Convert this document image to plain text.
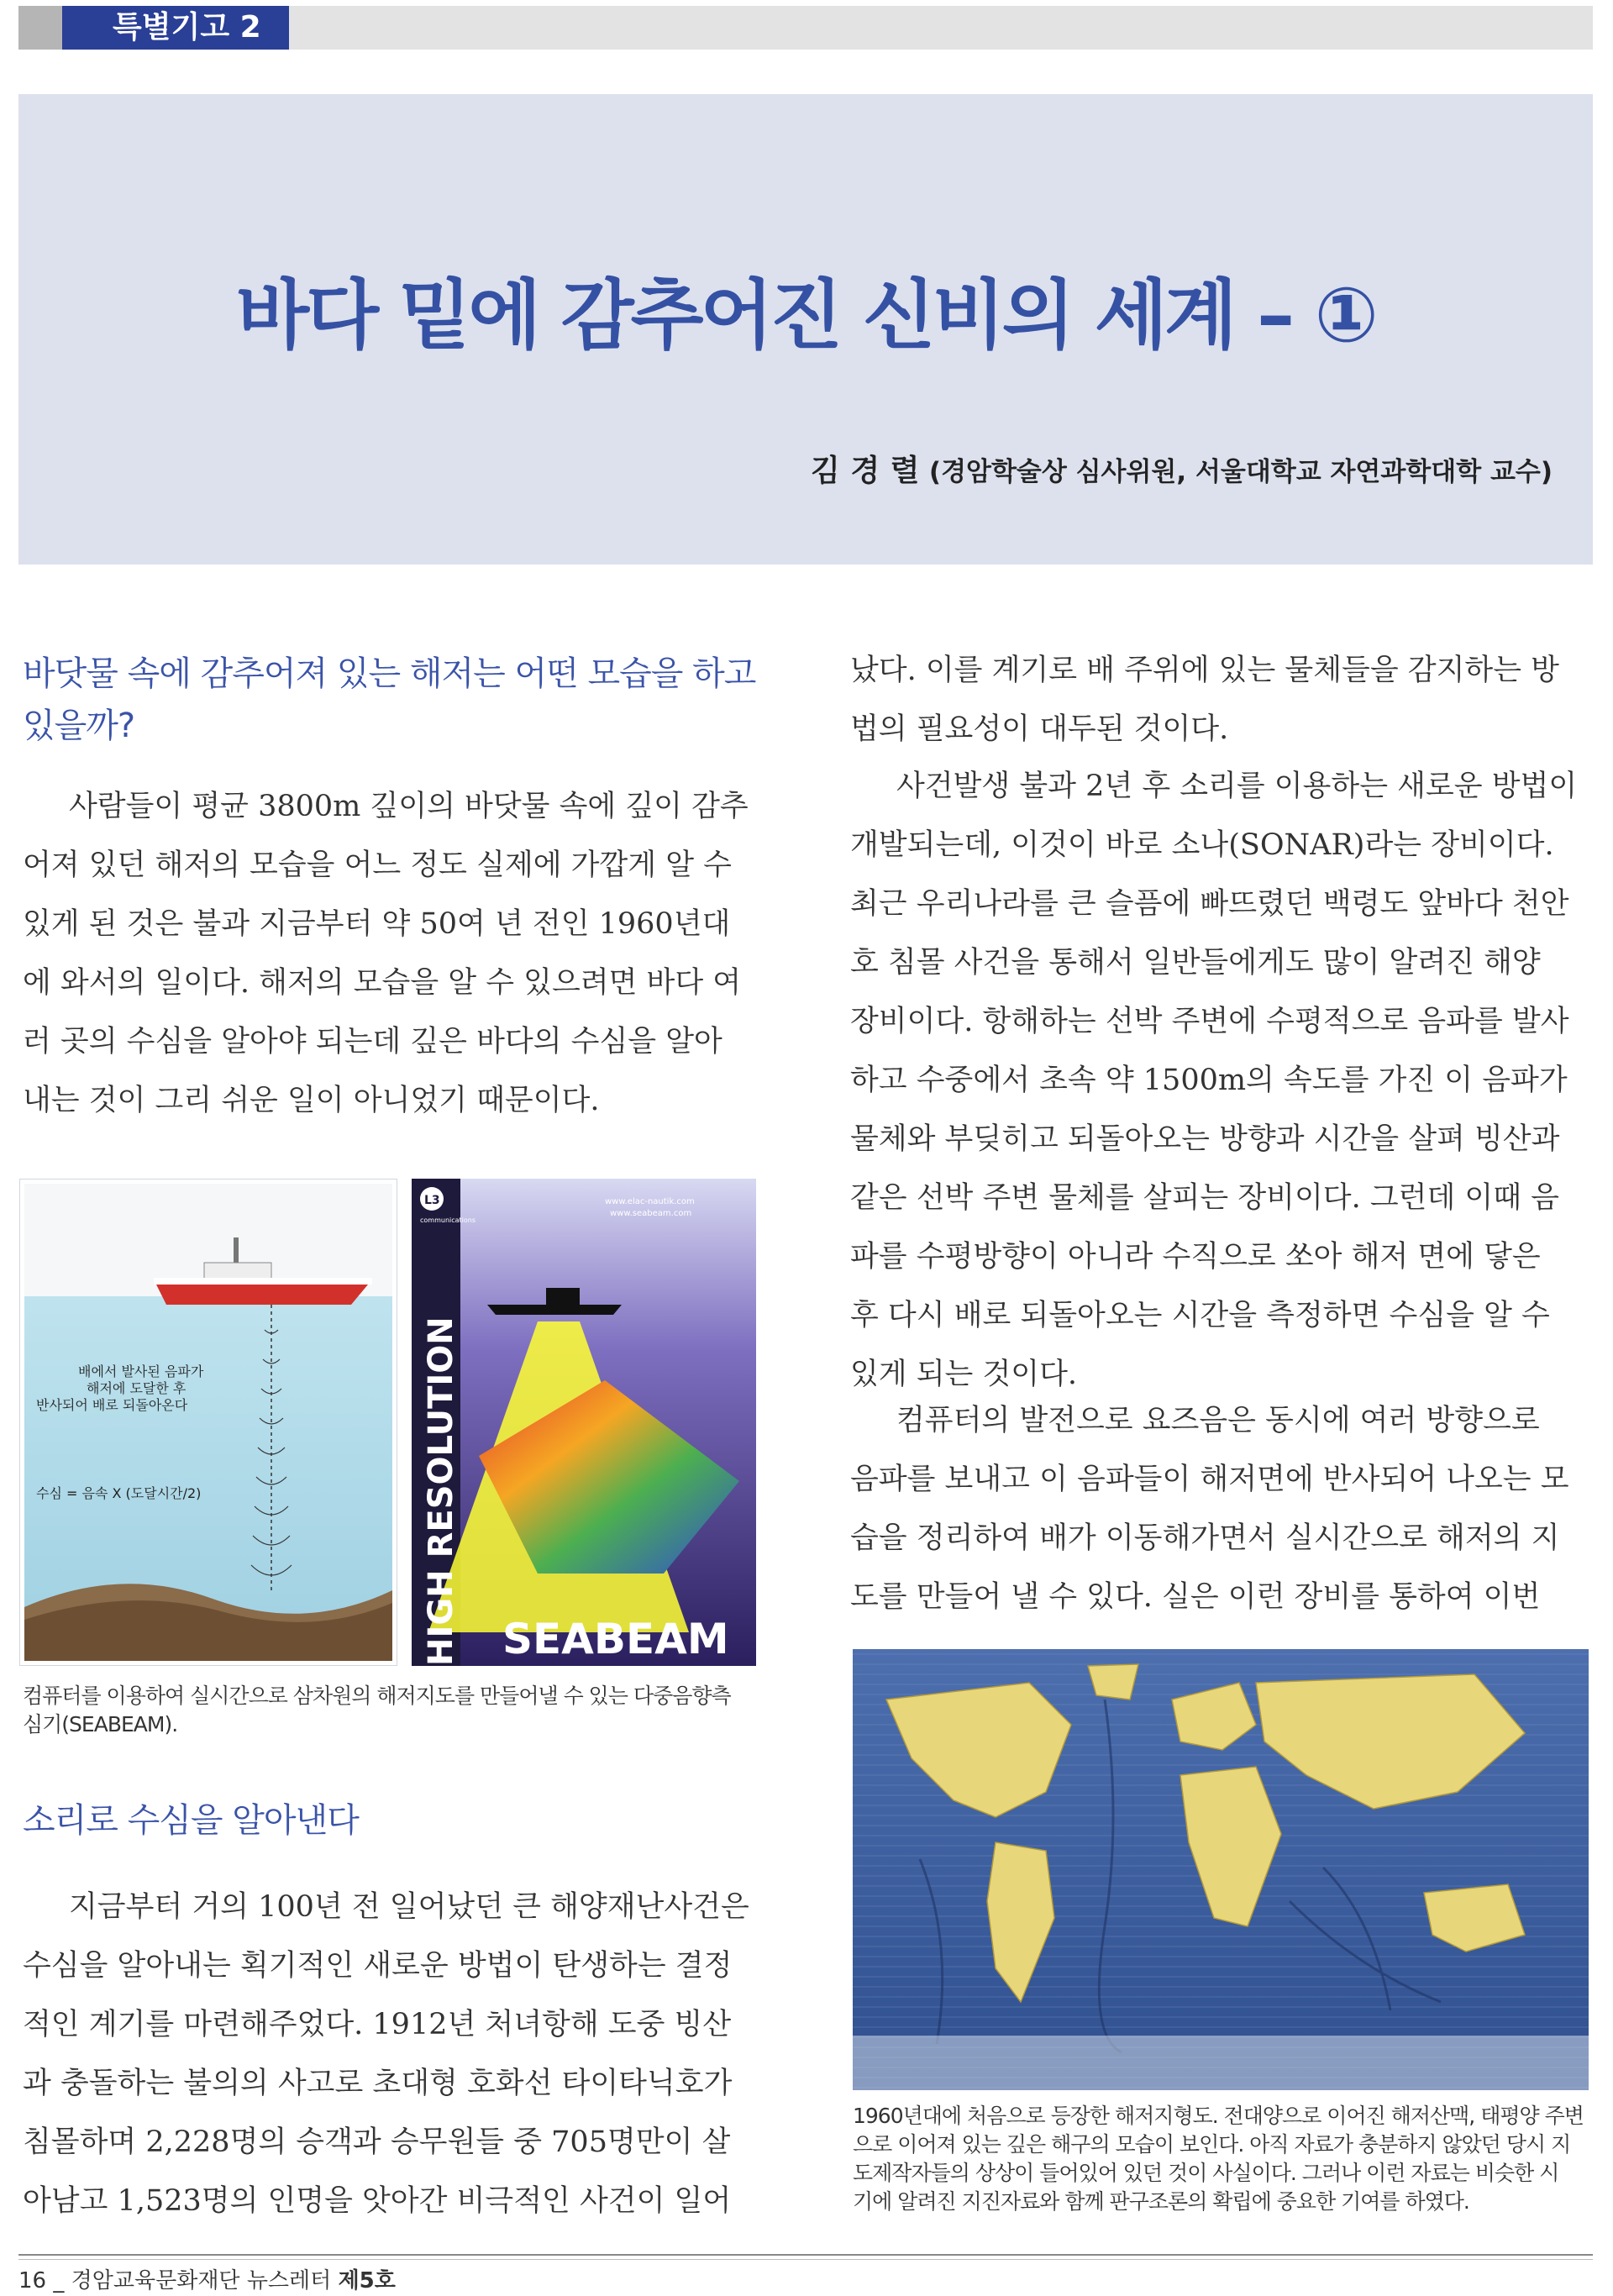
특별기고 2
바다 밑에 감추어진 신비의 세계 – ①
김 경 렬 (경암학술상 심사위원, 서울대학교 자연과학대학 교수)
바닷물 속에 감추어져 있는 해저는 어떤 모습을 하고
있을까?
사람들이 평균 3800m 깊이의 바닷물 속에 깊이 감추
어져 있던 해저의 모습을 어느 정도 실제에 가깝게 알 수
있게 된 것은 불과 지금부터 약 50여 년 전인 1960년대
에 와서의 일이다. 해저의 모습을 알 수 있으려면 바다 여
러 곳의 수심을 알아야 되는데 깊은 바다의 수심을 알아
내는 것이 그리 쉬운 일이 아니었기 때문이다.
배에서 발사된 음파가
해저에 도달한 후
반사되어 배로 되돌아온다
수심 = 음속 X (도달시간/2)	HIGH RESOLUTION SEABEAM
L3
communications
www.elac-nautik.com
www.seabeam.com
컴퓨터를 이용하여 실시간으로 삼차원의 해저지도를 만들어낼 수 있는 다중음향측
심기(SEABEAM).
소리로 수심을 알아낸다
지금부터 거의 100년 전 일어났던 큰 해양재난사건은
수심을 알아내는 획기적인 새로운 방법이 탄생하는 결정
적인 계기를 마련해주었다. 1912년 처녀항해 도중 빙산
과 충돌하는 불의의 사고로 초대형 호화선 타이타닉호가
침몰하며 2,228명의 승객과 승무원들 중 705명만이 살
아남고 1,523명의 인명을 앗아간 비극적인 사건이 일어
났다. 이를 계기로 배 주위에 있는 물체들을 감지하는 방
법의 필요성이 대두된 것이다.
사건발생 불과 2년 후 소리를 이용하는 새로운 방법이
개발되는데, 이것이 바로 소나(SONAR)라는 장비이다.
최근 우리나라를 큰 슬픔에 빠뜨렸던 백령도 앞바다 천안
호 침몰 사건을 통해서 일반들에게도 많이 알려진 해양
장비이다. 항해하는 선박 주변에 수평적으로 음파를 발사
하고 수중에서 초속 약 1500m의 속도를 가진 이 음파가
물체와 부딪히고 되돌아오는 방향과 시간을 살펴 빙산과
같은 선박 주변 물체를 살피는 장비이다. 그런데 이때 음
파를 수평방향이 아니라 수직으로 쏘아 해저 면에 닿은
후 다시 배로 되돌아오는 시간을 측정하면 수심을 알 수
있게 되는 것이다.
컴퓨터의 발전으로 요즈음은 동시에 여러 방향으로
음파를 보내고 이 음파들이 해저면에 반사되어 나오는 모
습을 정리하여 배가 이동해가면서 실시간으로 해저의 지
도를 만들어 낼 수 있다. 실은 이런 장비를 통하여 이번
1960년대에 처음으로 등장한 해저지형도. 전대양으로 이어진 해저산맥, 태평양 주변
으로 이어져 있는 깊은 해구의 모습이 보인다. 아직 자료가 충분하지 않았던 당시 지
도제작자들의 상상이 들어있어 있던 것이 사실이다. 그러나 이런 자료는 비슷한 시
기에 알려진 지진자료와 함께 판구조론의 확립에 중요한 기여를 하였다.
16 _ 경암교육문화재단 뉴스레터 제5호
